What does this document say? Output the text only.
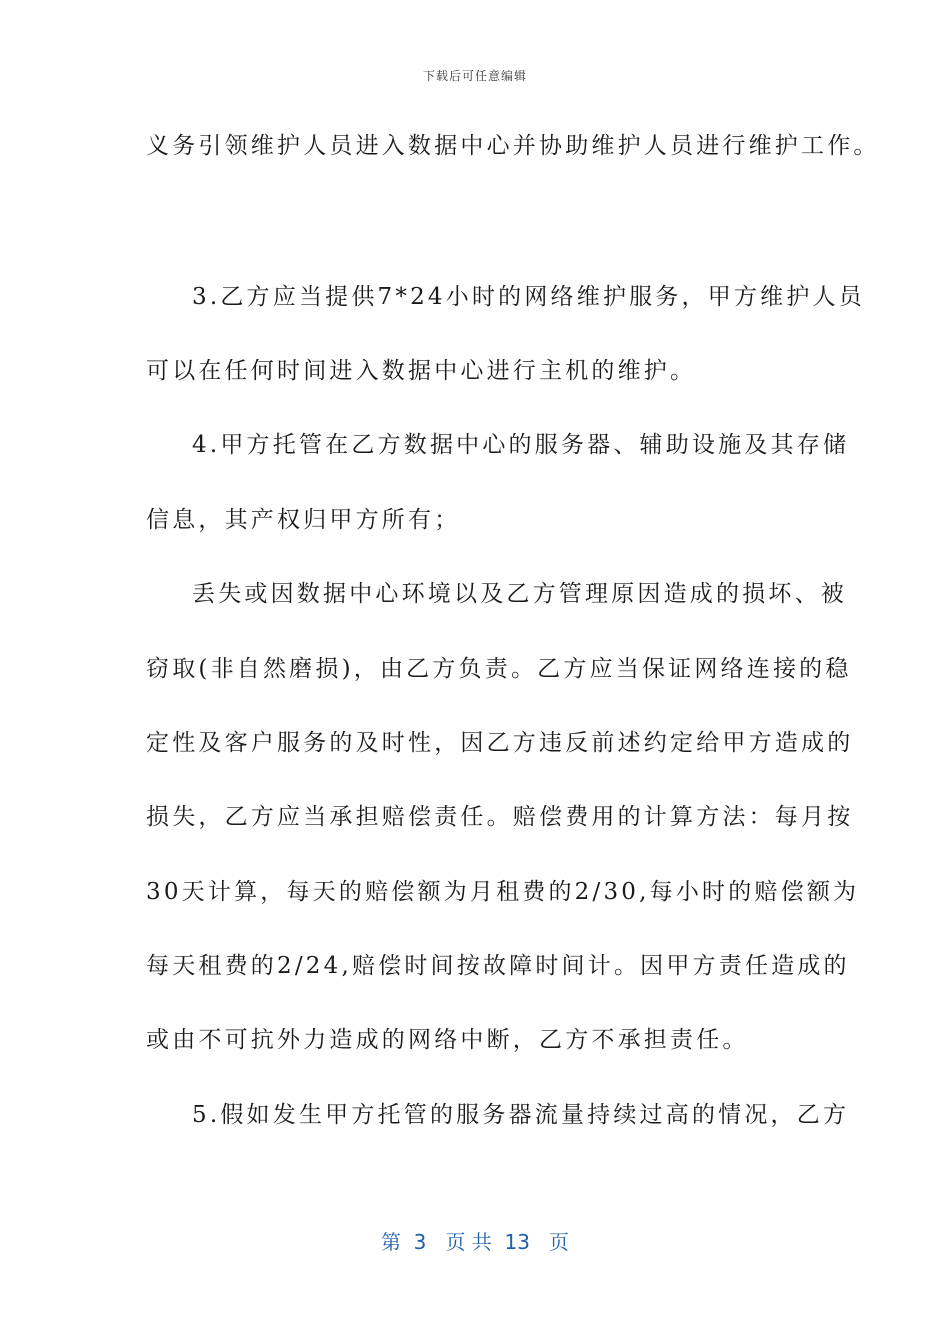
下载后可任意编辑
义务引领维护人员进入数据中心并协助维护人员进行维护工作。
3.乙方应当提供7*24小时的网络维护服务，甲方维护人员
可以在任何时间进入数据中心进行主机的维护。
4.甲方托管在乙方数据中心的服务器、辅助设施及其存储
信息，其产权归甲方所有；
丢失或因数据中心环境以及乙方管理原因造成的损坏、被
窃取(非自然磨损)，由乙方负责。乙方应当保证网络连接的稳
定性及客户服务的及时性，因乙方违反前述约定给甲方造成的
损失，乙方应当承担赔偿责任。赔偿费用的计算方法：每月按
30天计算，每天的赔偿额为月租费的2/30,每小时的赔偿额为
每天租费的2/24,赔偿时间按故障时间计。因甲方责任造成的
或由不可抗外力造成的网络中断，乙方不承担责任。
5.假如发生甲方托管的服务器流量持续过高的情况，乙方
第  3   页 共  13   页
